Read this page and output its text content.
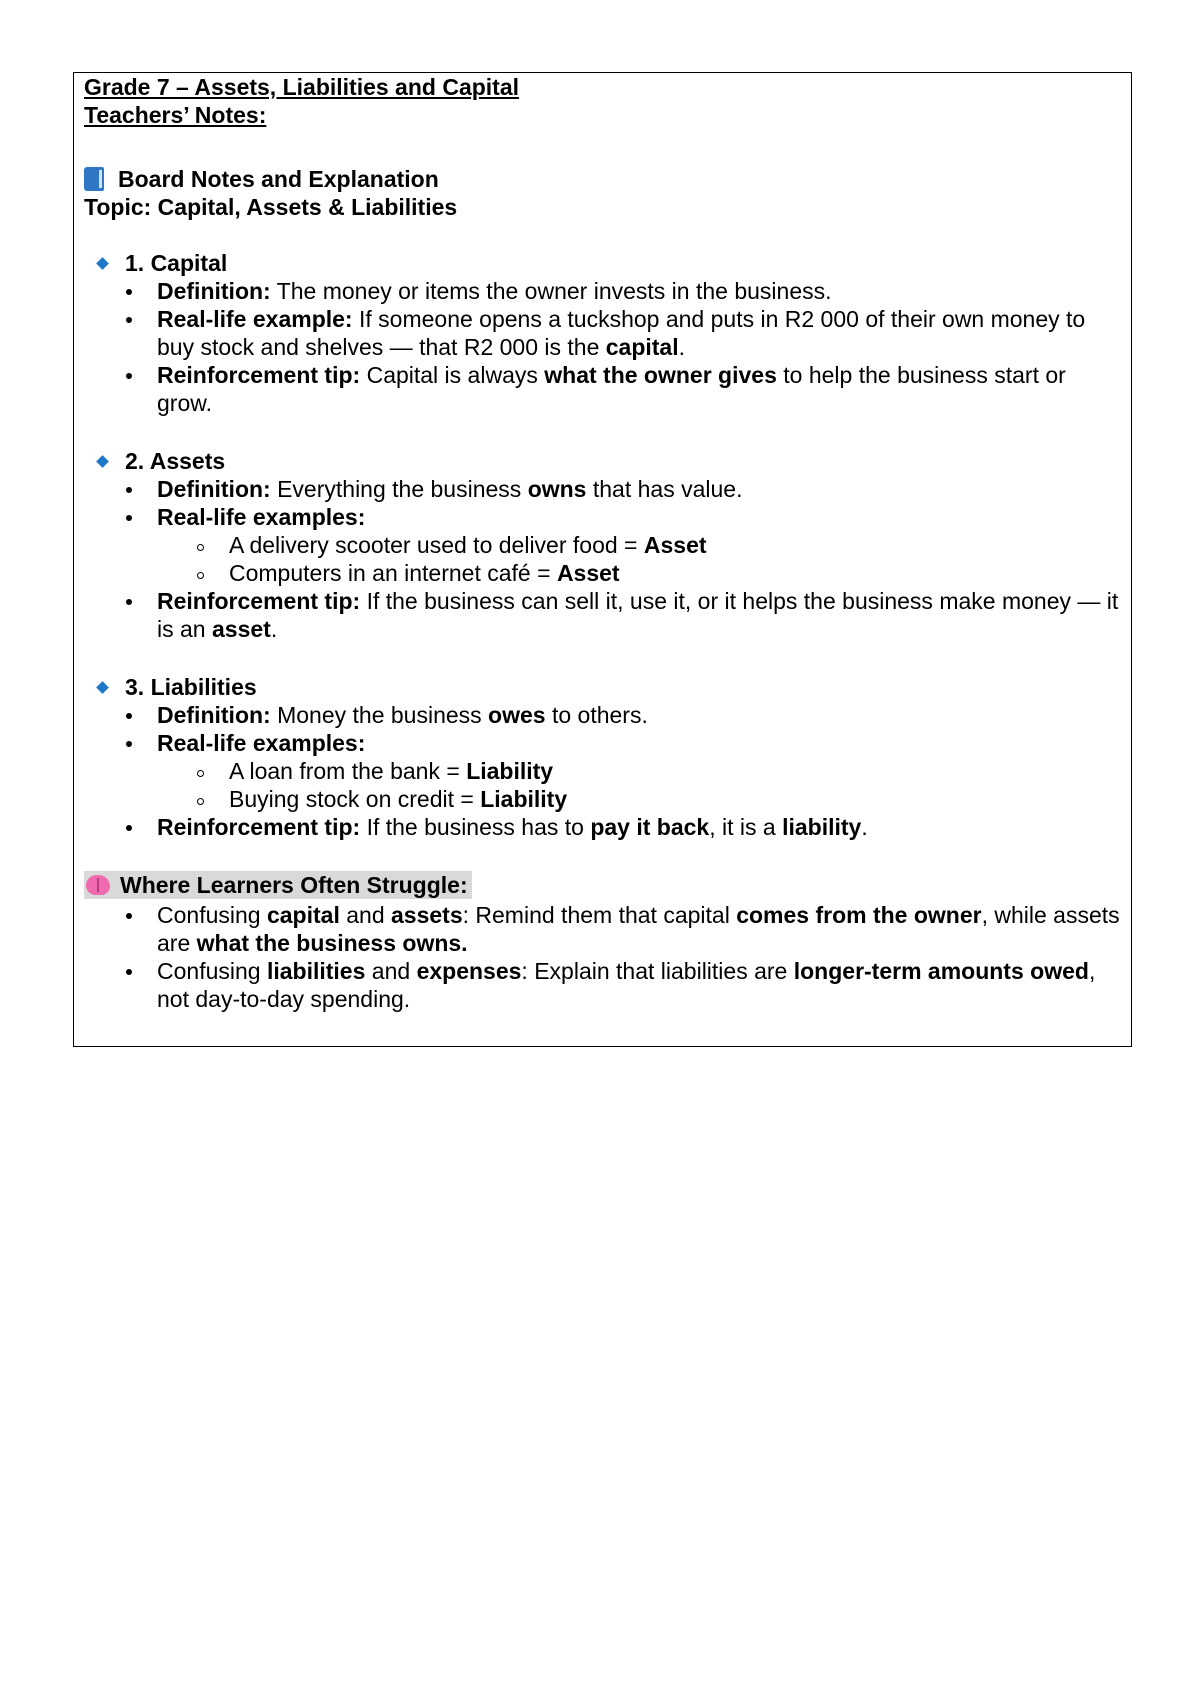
Grade 7 – Assets, Liabilities and Capital
Teachers’ Notes:
Board Notes and Explanation
Topic: Capital, Assets & Liabilities
1. Capital
Definition: The money or items the owner invests in the business.
Real-life example: If someone opens a tuckshop and puts in R2 000 of their own money to buy stock and shelves — that R2 000 is the capital.
Reinforcement tip: Capital is always what the owner gives to help the business start or grow.
2. Assets
Definition: Everything the business owns that has value.
Real-life examples:
A delivery scooter used to deliver food = Asset
Computers in an internet café = Asset
Reinforcement tip: If the business can sell it, use it, or it helps the business make money — it is an asset.
3. Liabilities
Definition: Money the business owes to others.
Real-life examples:
A loan from the bank = Liability
Buying stock on credit = Liability
Reinforcement tip: If the business has to pay it back, it is a liability.
Where Learners Often Struggle:
Confusing capital and assets: Remind them that capital comes from the owner, while assets are what the business owns.
Confusing liabilities and expenses: Explain that liabilities are longer-term amounts owed, not day-to-day spending.
